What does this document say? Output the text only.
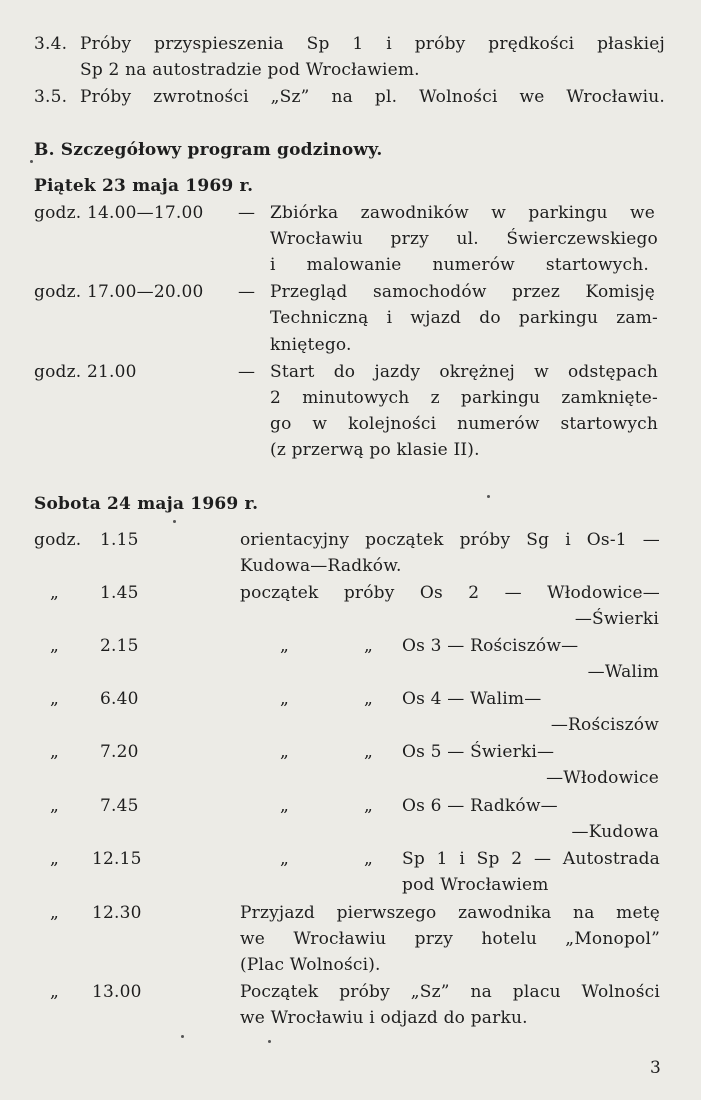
3.4. Próby przyspieszenia Sp 1 i próby prędkości płaskiej
Sp 2 na autostradzie pod Wrocławiem.
3.5. Próby zwrotności „Sz” na pl. Wolności we Wrocławiu.
B. Szczegółowy program godzinowy.
Piątek 23 maja 1969 r.
godz. 14.00—17.00 — Zbiórka zawodników w parkingu we
Wrocławiu przy ul. Świerczewskiego
i malowanie numerów startowych.
godz. 17.00—20.00 — Przegląd samochodów przez Komisję
Techniczną i wjazd do parkingu zam-
kniętego.
godz. 21.00	— Start do jazdy okrężnej w odstępach
2 minutowych z parkingu zamknięte-
go w kolejności numerów startowych
(z przerwą po klasie II).
Sobota 24 maja 1969 r.
godz. 1.15	orientacyjny początek próby Sg i Os-1 —
Kudowa—Radków.
„ 1.45	początek próby Os 2 — Włodowice—
—Świerki
„ 2.15	„	„ Os 3 — Rościszów—
—Walim
„ 6.40	„	„ Os 4 — Walim—
—Rościszów
„ 7.20	„	„ Os 5 — Świerki—
—Włodowice
„ 7.45	„	„ Os 6 — Radków—
—Kudowa
„ 12.15	„	„ Sp 1 i Sp 2 — Autostrada
pod Wrocławiem
„ 12.30	Przyjazd pierwszego zawodnika na metę
we Wrocławiu przy hotelu „Monopol”
(Plac Wolności).
„ 13.00	Początek próby „Sz” na placu Wolności
we Wrocławiu i odjazd do parku.
3
